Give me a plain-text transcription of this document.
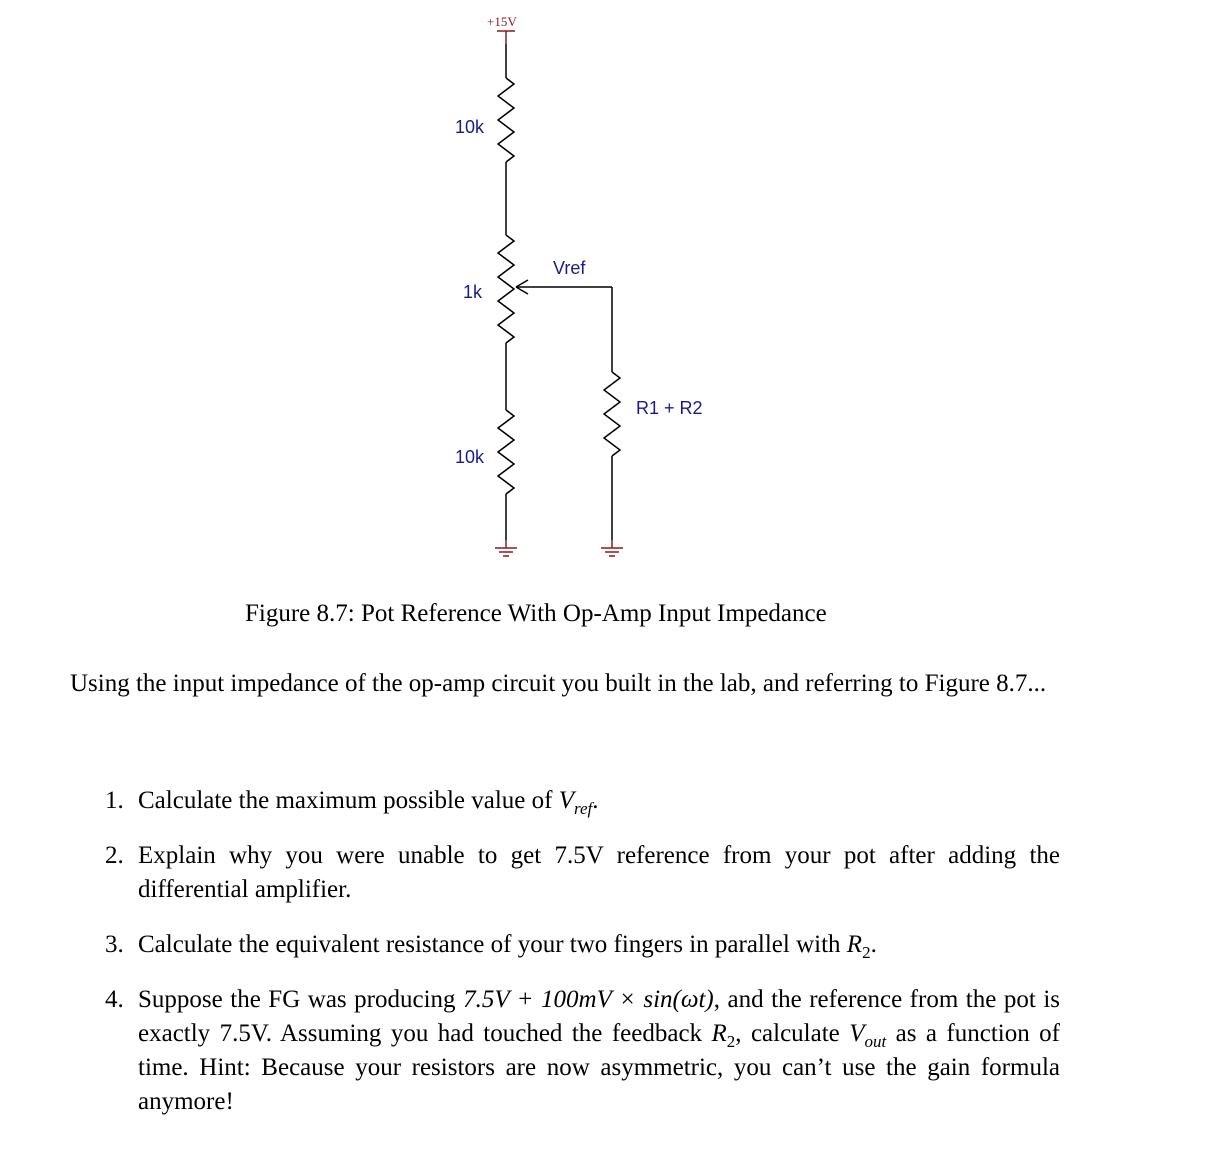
+15V
10k
1k
Vref
10k
R1 + R2
Figure 8.7: Pot Reference With Op-Amp Input Impedance
Using the input impedance of the op-amp circuit you built in the lab, and referring to Figure 8.7...
1. Calculate the maximum possible value of $V_{ref}$.
2. Explain why you were unable to get 7.5V reference from your pot after adding the differential amplifier.
3. Calculate the equivalent resistance of your two fingers in parallel with $R_2$.
4. Suppose the FG was producing 7.5V + 100mV × sin(ωt), and the reference from the pot is exactly 7.5V. Assuming you had touched the feedback $R_2$, calculate $V_{out}$ as a function of time. Hint: Because your resistors are now asymmetric, you can’t use the gain formula anymore!
